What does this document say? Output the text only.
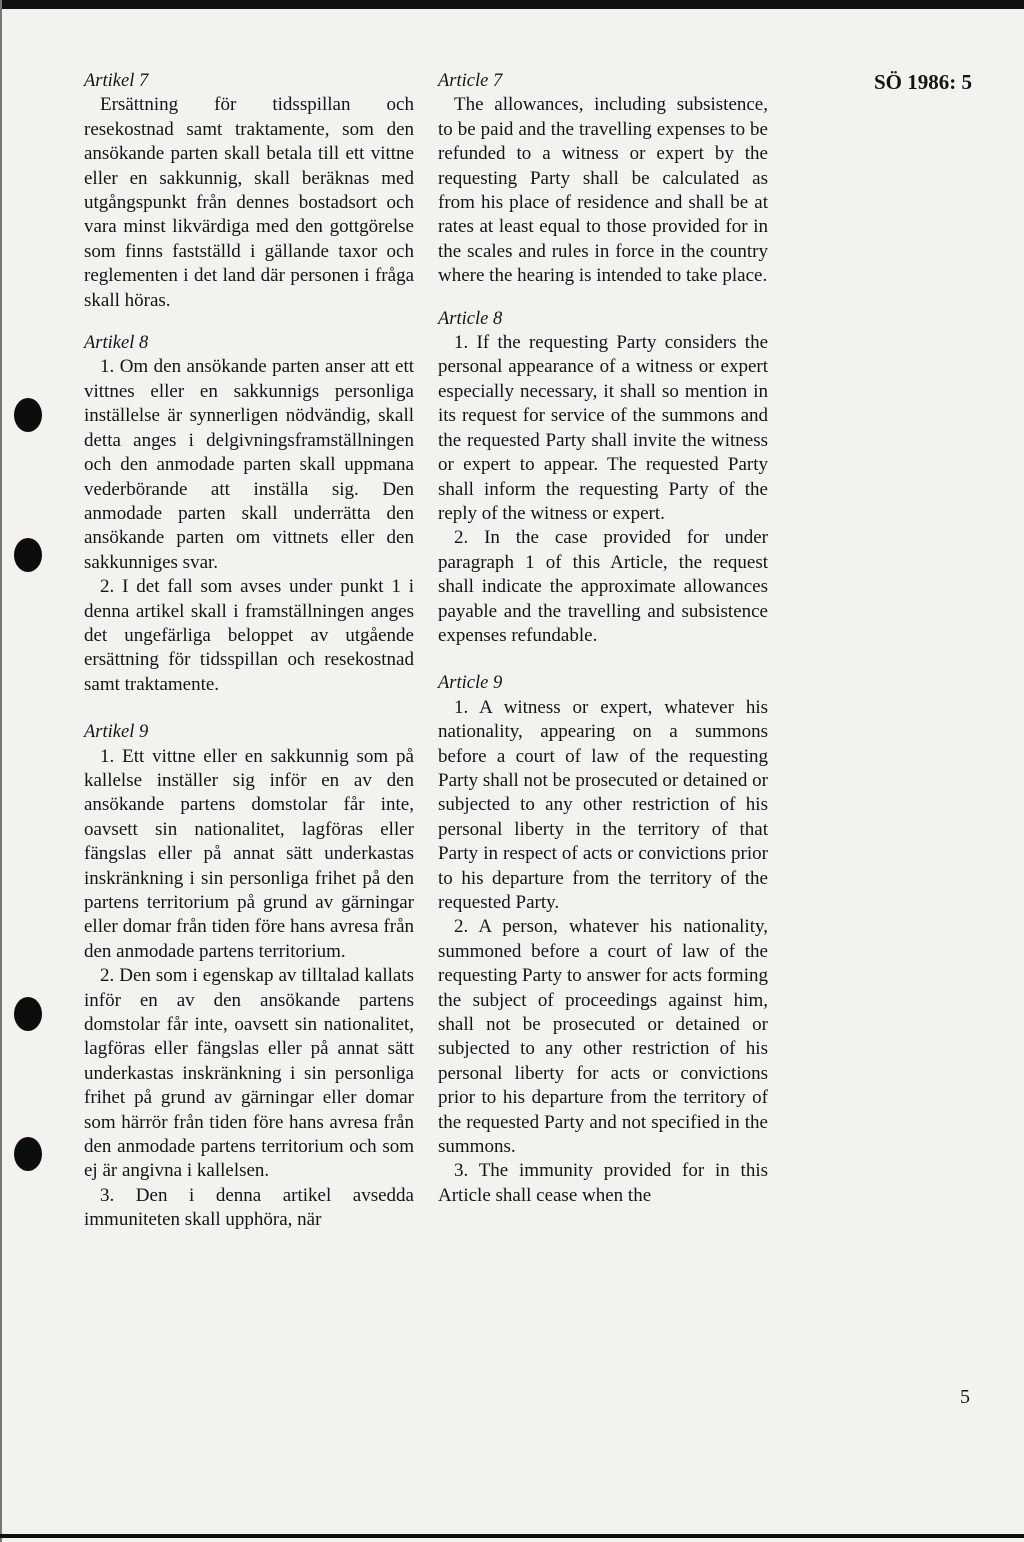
SÖ 1986: 5

Artikel 7

Ersättning för tidsspillan och resekostnad samt traktamente, som den ansökande parten skall betala till ett vittne eller en sakkunnig, skall beräknas med utgångspunkt från dennes bostadsort och vara minst likvärdiga med den gottgörelse som finns fastställd i gällande taxor och reglementen i det land där personen i fråga skall höras.

Artikel 8

1. Om den ansökande parten anser att ett vittnes eller en sakkunnigs personliga inställelse är synnerligen nödvändig, skall detta anges i delgivningsframställningen och den anmodade parten skall uppmana vederbörande att inställa sig. Den anmodade parten skall underrätta den ansökande parten om vittnets eller den sakkunniges svar.

2. I det fall som avses under punkt 1 i denna artikel skall i framställningen anges det ungefärliga beloppet av utgående ersättning för tidsspillan och resekostnad samt traktamente.

Artikel 9

1. Ett vittne eller en sakkunnig som på kallelse inställer sig inför en av den ansökande partens domstolar får inte, oavsett sin nationalitet, lagföras eller fängslas eller på annat sätt underkastas inskränkning i sin personliga frihet på den partens territorium på grund av gärningar eller domar från tiden före hans avresa från den anmodade partens territorium.

2. Den som i egenskap av tilltalad kallats inför en av den ansökande partens domstolar får inte, oavsett sin nationalitet, lagföras eller fängslas eller på annat sätt underkastas inskränkning i sin personliga frihet på grund av gärningar eller domar som härrör från tiden före hans avresa från den anmodade partens territorium och som ej är angivna i kallelsen.

3. Den i denna artikel avsedda immuniteten skall upphöra, när

Article 7

The allowances, including subsistence, to be paid and the travelling expenses to be refunded to a witness or expert by the requesting Party shall be calculated as from his place of residence and shall be at rates at least equal to those provided for in the scales and rules in force in the country where the hearing is intended to take place.

Article 8

1. If the requesting Party considers the personal appearance of a witness or expert especially necessary, it shall so mention in its request for service of the summons and the requested Party shall invite the witness or expert to appear. The requested Party shall inform the requesting Party of the reply of the witness or expert.

2. In the case provided for under paragraph 1 of this Article, the request shall indicate the approximate allowances payable and the travelling and subsistence expenses refundable.

Article 9

1. A witness or expert, whatever his nationality, appearing on a summons before a court of law of the requesting Party shall not be prosecuted or detained or subjected to any other restriction of his personal liberty in the territory of that Party in respect of acts or convictions prior to his departure from the territory of the requested Party.

2. A person, whatever his nationality, summoned before a court of law of the requesting Party to answer for acts forming the subject of proceedings against him, shall not be prosecuted or detained or subjected to any other restriction of his personal liberty for acts or convictions prior to his departure from the territory of the requested Party and not specified in the summons.

3. The immunity provided for in this Article shall cease when the

5
